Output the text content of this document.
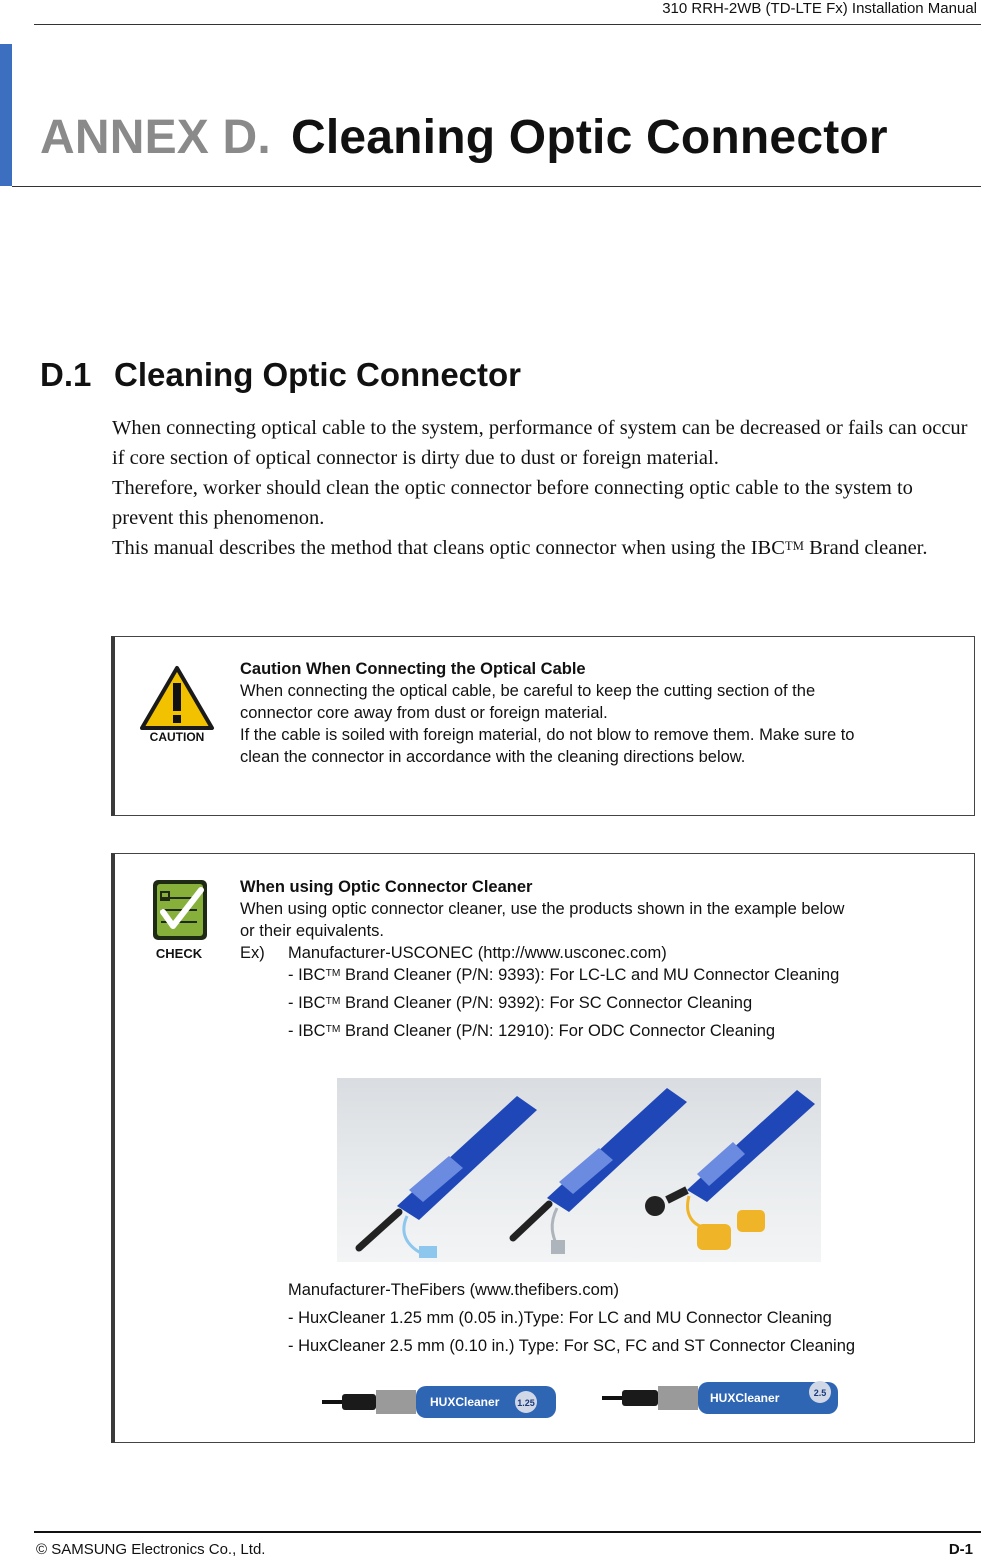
310 RRH-2WB (TD-LTE Fx) Installation Manual
ANNEX D. Cleaning Optic Connector
D.1 Cleaning Optic Connector

When connecting optical cable to the system, performance of system can be decreased or fails can occur if core section of optical connector is dirty due to dust or foreign material.

Therefore, worker should clean the optic connector before connecting optic cable to the system to prevent this phenomenon.

This manual describes the method that cleans optic connector when using the IBC™ Brand cleaner.

CAUTION

Caution When Connecting the Optical Cable

When connecting the optical cable, be careful to keep the cutting section of the

connector core away from dust or foreign material.

If the cable is soiled with foreign material, do not blow to remove them. Make sure to

clean the connector in accordance with the cleaning directions below.

CHECK

When using Optic Connector Cleaner

When using optic connector cleaner, use the products shown in the example below

or their equivalents.

Ex)	Manufacturer-USCONEC (http://www.usconec.com)

- IBC™ Brand Cleaner (P/N: 9393): For LC-LC and MU Connector Cleaning

- IBC™ Brand Cleaner (P/N: 9392): For SC Connector Cleaning

- IBC™ Brand Cleaner (P/N: 12910): For ODC Connector Cleaning

Manufacturer-TheFibers (www.thefibers.com)

- HuxCleaner 1.25 mm (0.05 in.)Type: For LC and MU Connector Cleaning

- HuxCleaner 2.5 mm (0.10 in.) Type: For SC, FC and ST Connector Cleaning

HUXCleaner 1.25	HUXCleaner	2.5
© SAMSUNG Electronics Co., Ltd.	D-1
